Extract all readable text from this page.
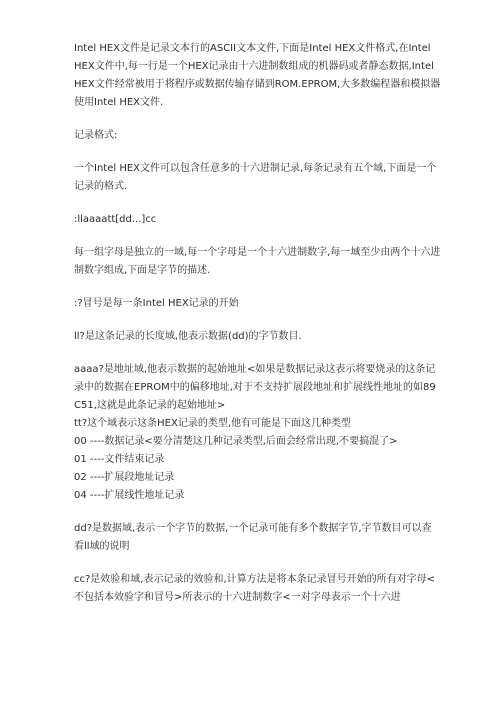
Intel HEX文件是记录文本行的ASCII文本文件,下面是Intel HEX文件格式,在Intel HEX文件中,每一行是一个HEX记录由十六进制数组成的机器码或者静态数据,Intel HEX文件经常被用于将程序或数据传输存储到ROM.EPROM,大多数编程器和模拟器使用Intel HEX文件.

记录格式:

一个Intel HEX文件可以包含任意多的十六进制记录,每条记录有五个域,下面是一个记录的格式.

:llaaaatt[dd...]cc

每一组字母是独立的一域,每一个字母是一个十六进制数字,每一域至少由两个十六进制数字组成,下面是字节的描述.

:?冒号是每一条Intel HEX记录的开始

ll?是这条记录的长度域,他表示数据(dd)的字节数目.

aaaa?是地址域,他表示数据的起始地址<如果是数据记录这表示将要烧录的这条记录中的数据在EPROM中的偏移地址,对于不支持扩展段地址和扩展线性地址的如89C51,这就是此条记录的起始地址>

tt?这个域表示这条HEX记录的类型,他有可能是下面这几种类型

00 ----数据记录<要分清楚这几种记录类型,后面会经常出现,不要搞混了>

01 ----文件结束记录

02 ----扩展段地址记录

04 ----扩展线性地址记录

dd?是数据域,表示一个字节的数据,一个记录可能有多个数据字节,字节数目可以查看ll域的说明

cc?是效验和域,表示记录的效验和,计算方法是将本条记录冒号开始的所有对字母<不包括本效验字和冒号>所表示的十六进制数字<一对字母表示一个十六进
